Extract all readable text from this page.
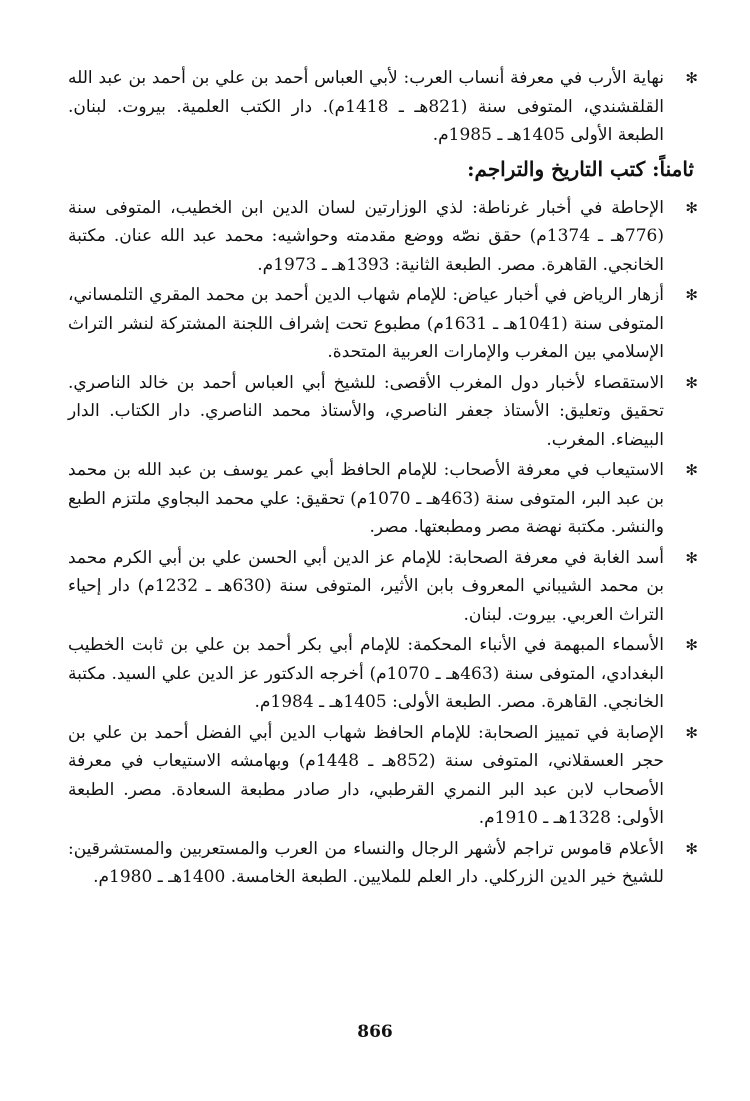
✻
نهاية الأرب في معرفة أنساب العرب: لأبي العباس أحمد بن علي بن أحمد بن عبد الله القلقشندي، المتوفى سنة (821هـ ـ 1418م). دار الكتب العلمية. بيروت. لبنان. الطبعة الأولى 1405هـ ـ 1985م.
ثامناً: كتب التاريخ والتراجم:
✻
الإحاطة في أخبار غرناطة: لذي الوزارتين لسان الدين ابن الخطيب، المتوفى سنة (776هـ ـ 1374م) حقق نصّه ووضع مقدمته وحواشيه: محمد عبد الله عنان. مكتبة الخانجي. القاهرة. مصر. الطبعة الثانية: 1393هـ ـ 1973م.
✻
أزهار الرياض في أخبار عياض: للإمام شهاب الدين أحمد بن محمد المقري التلمساني، المتوفى سنة (1041هـ ـ 1631م) مطبوع تحت إشراف اللجنة المشتركة لنشر التراث الإسلامي بين المغرب والإمارات العربية المتحدة.
✻
الاستقصاء لأخبار دول المغرب الأقصى: للشيخ أبي العباس أحمد بن خالد الناصري. تحقيق وتعليق: الأستاذ جعفر الناصري، والأستاذ محمد الناصري. دار الكتاب. الدار البيضاء. المغرب.
✻
الاستيعاب في معرفة الأصحاب: للإمام الحافظ أبي عمر يوسف بن عبد الله بن محمد بن عبد البر، المتوفى سنة (463هـ ـ 1070م) تحقيق: علي محمد البجاوي ملتزم الطبع والنشر. مكتبة نهضة مصر ومطبعتها. مصر.
✻
أسد الغابة في معرفة الصحابة: للإمام عز الدين أبي الحسن علي بن أبي الكرم محمد بن محمد الشيباني المعروف بابن الأثير، المتوفى سنة (630هـ ـ 1232م) دار إحياء التراث العربي. بيروت. لبنان.
✻
الأسماء المبهمة في الأنباء المحكمة: للإمام أبي بكر أحمد بن علي بن ثابت الخطيب البغدادي، المتوفى سنة (463هـ ـ 1070م) أخرجه الدكتور عز الدين علي السيد. مكتبة الخانجي. القاهرة. مصر. الطبعة الأولى: 1405هـ ـ 1984م.
✻
الإصابة في تمييز الصحابة: للإمام الحافظ شهاب الدين أبي الفضل أحمد بن علي بن حجر العسقلاني، المتوفى سنة (852هـ ـ 1448م) وبهامشه الاستيعاب في معرفة الأصحاب لابن عبد البر النمري القرطبي، دار صادر مطبعة السعادة. مصر. الطبعة الأولى: 1328هـ ـ 1910م.
✻
الأعلام قاموس تراجم لأشهر الرجال والنساء من العرب والمستعربين والمستشرقين: للشيخ خير الدين الزركلي. دار العلم للملايين. الطبعة الخامسة. 1400هـ ـ 1980م.
866
